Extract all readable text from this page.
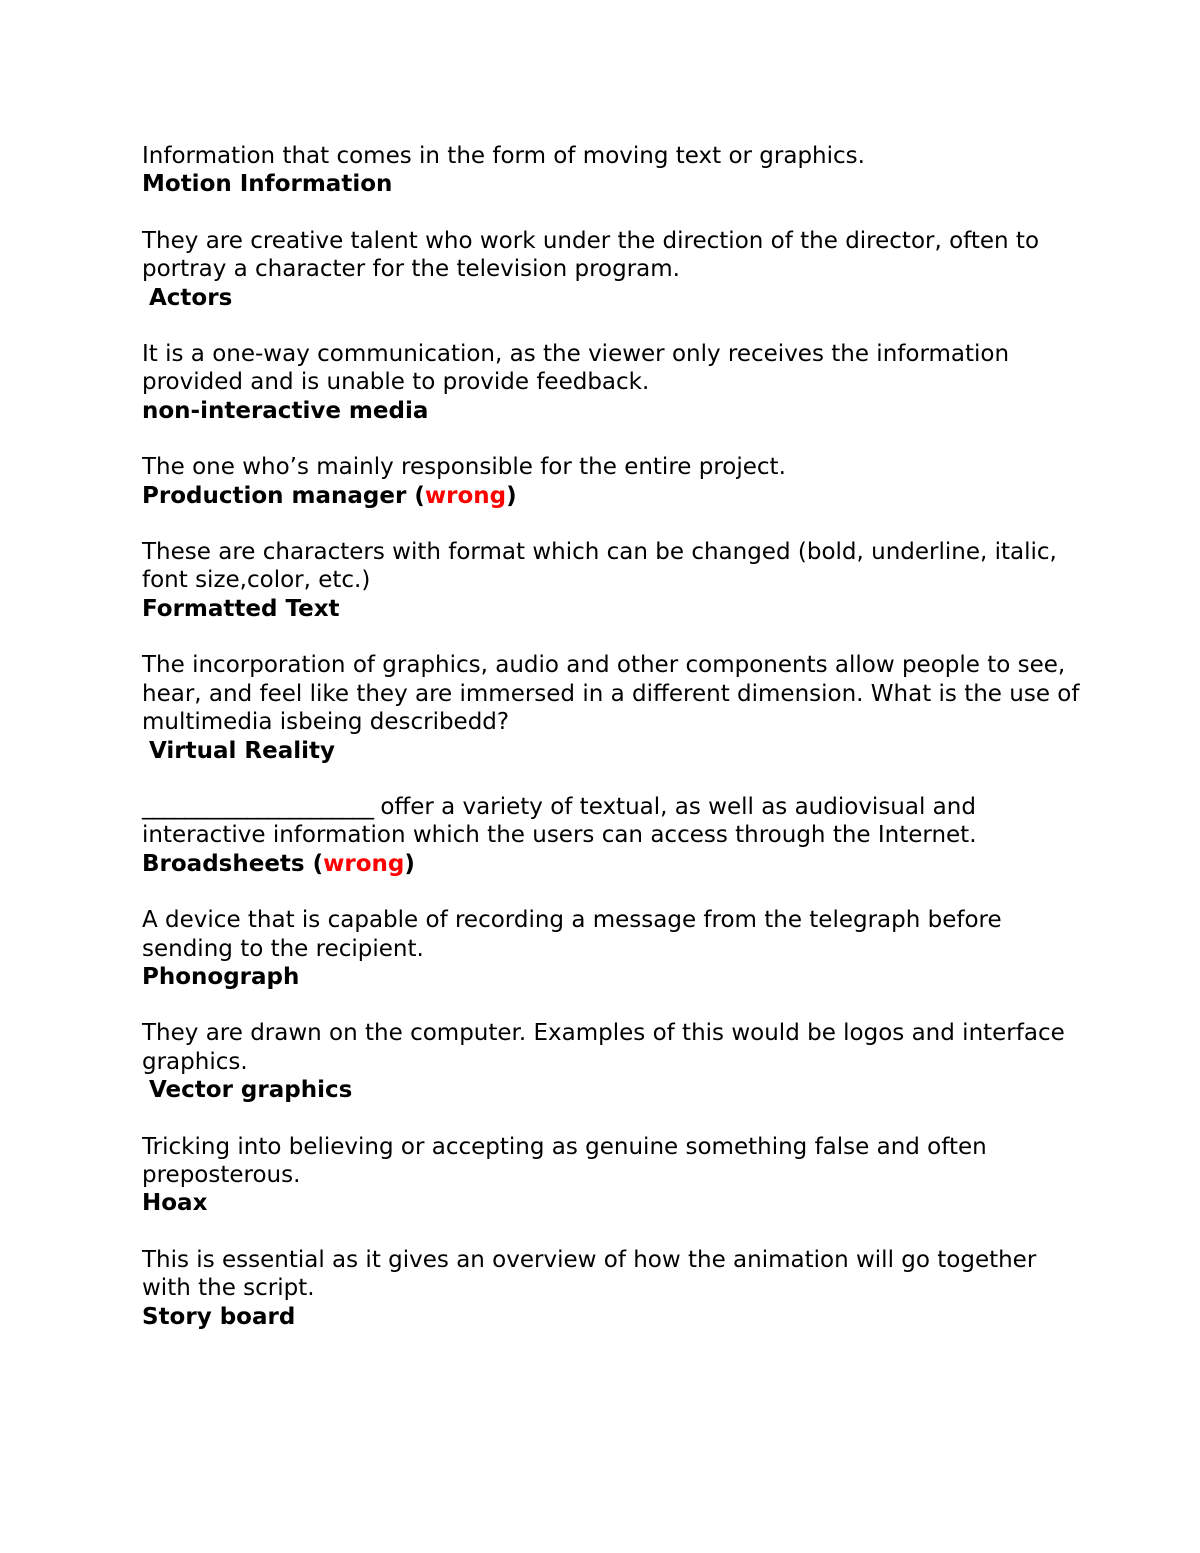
Information that comes in the form of moving text or graphics.

Motion Information

They are creative talent who work under the direction of the director, often to portray a character for the television program.

Actors

It is a one-way communication, as the viewer only receives the information provided and is unable to provide feedback.

non-interactive media

The one who’s mainly responsible for the entire project.

Production manager (wrong)

These are characters with format which can be changed (bold, underline, italic, font size,color, etc.)

Formatted Text

The incorporation of graphics, audio and other components allow people to see, hear, and feel like they are immersed in a different dimension. What is the use of multimedia isbeing describedd?

Virtual Reality

______________________ offer a variety of textual, as well as audiovisual and interactive information which the users can access through the Internet.

Broadsheets (wrong)

A device that is capable of recording a message from the telegraph before sending to the recipient.

Phonograph

They are drawn on the computer. Examples of this would be logos and interface graphics.

Vector graphics

Tricking into believing or accepting as genuine something false and often preposterous.

Hoax

This is essential as it gives an overview of how the animation will go together with the script.

Story board
